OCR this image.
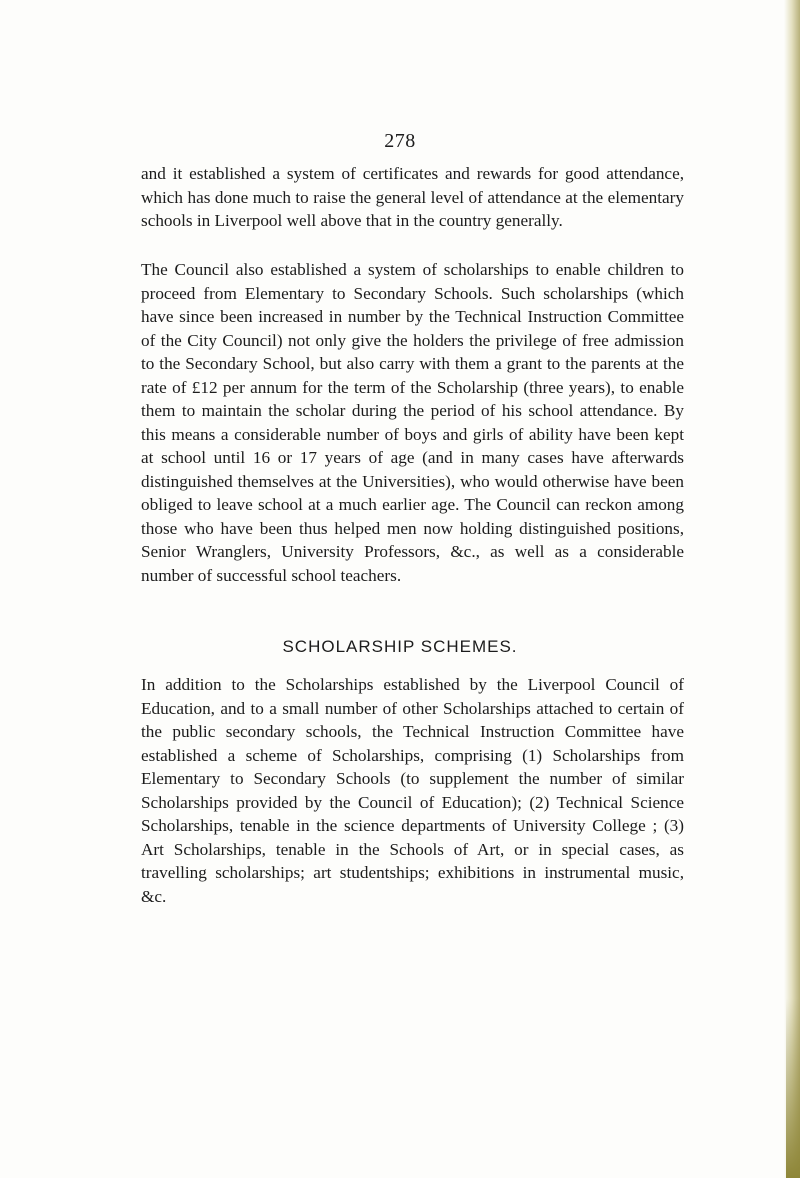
278

and it established a system of certificates and rewards for good attendance, which has done much to raise the general level of attendance at the elementary schools in Liverpool well above that in the country generally.

The Council also established a system of scholarships to enable children to proceed from Elementary to Secondary Schools. Such scholarships (which have since been increased in number by the Technical Instruction Committee of the City Council) not only give the holders the privilege of free admission to the Secondary School, but also carry with them a grant to the parents at the rate of £12 per annum for the term of the Scholarship (three years), to enable them to maintain the scholar during the period of his school attendance. By this means a considerable number of boys and girls of ability have been kept at school until 16 or 17 years of age (and in many cases have afterwards distinguished themselves at the Universities), who would otherwise have been obliged to leave school at a much earlier age. The Council can reckon among those who have been thus helped men now holding distinguished positions, Senior Wranglers, University Professors, &c., as well as a considerable number of successful school teachers.

SCHOLARSHIP SCHEMES.

In addition to the Scholarships established by the Liverpool Council of Education, and to a small number of other Scholarships attached to certain of the public secondary schools, the Technical Instruction Committee have established a scheme of Scholarships, comprising (1) Scholarships from Elementary to Secondary Schools (to supplement the number of similar Scholarships provided by the Council of Education); (2) Technical Science Scholarships, tenable in the science departments of University College ; (3) Art Scholarships, tenable in the Schools of Art, or in special cases, as travelling scholarships; art studentships; exhibitions in instrumental music, &c.
